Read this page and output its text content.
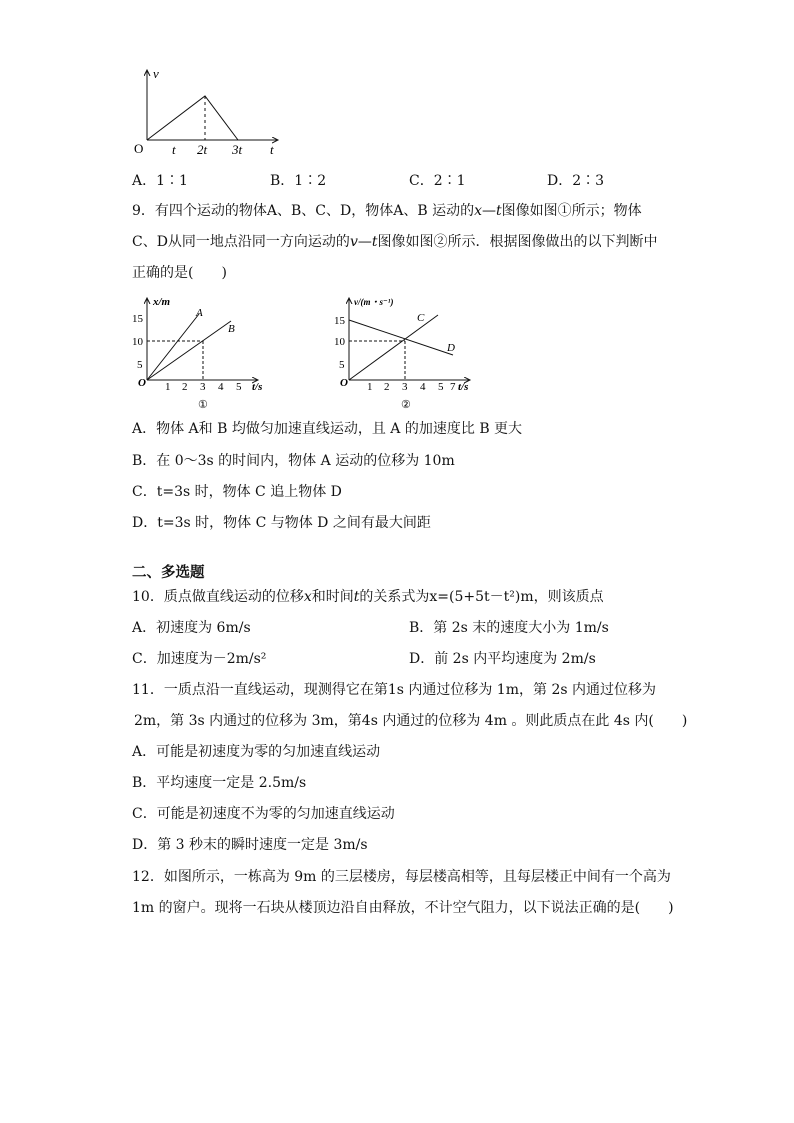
v
O t 2t 3t t
A．1∶1	B．1∶2	C．2∶1	D．2∶3
9．有四个运动的物体A、B、C、D，物体A、B 运动的x—t图像如图①所示；物体
C、D从同一地点沿同一方向运动的v—t图像如图②所示．根据图像做出的以下判断中
正确的是(　　)
x/m
15
10
5
O 1 2 3 4 5 t/s
A
B
①
v/(m・s⁻¹)
15
10
5
O 1 2 3 4 5 7 t/s
C
D
②
A．物体 A和 B 均做匀加速直线运动，且 A 的加速度比 B 更大
B．在 0～3s 的时间内，物体 A 运动的位移为 10m
C．t=3s 时，物体 C 追上物体 D
D．t=3s 时，物体 C 与物体 D 之间有最大间距
二、多选题
10．质点做直线运动的位移x和时间t的关系式为x=(5+5t－t²)m，则该质点
A．初速度为 6m/s	B．第 2s 末的速度大小为 1m/s
C．加速度为－2m/s²	D．前 2s 内平均速度为 2m/s
11．一质点沿一直线运动，现测得它在第1s 内通过位移为 1m，第 2s 内通过位移为
2m，第 3s 内通过的位移为 3m，第4s 内通过的位移为 4m 。则此质点在此 4s 内(　　)
A．可能是初速度为零的匀加速直线运动
B．平均速度一定是 2.5m/s
C．可能是初速度不为零的匀加速直线运动
D．第 3 秒末的瞬时速度一定是 3m/s
12．如图所示，一栋高为 9m 的三层楼房，每层楼高相等，且每层楼正中间有一个高为
1m 的窗户。现将一石块从楼顶边沿自由释放，不计空气阻力，以下说法正确的是(　　)
